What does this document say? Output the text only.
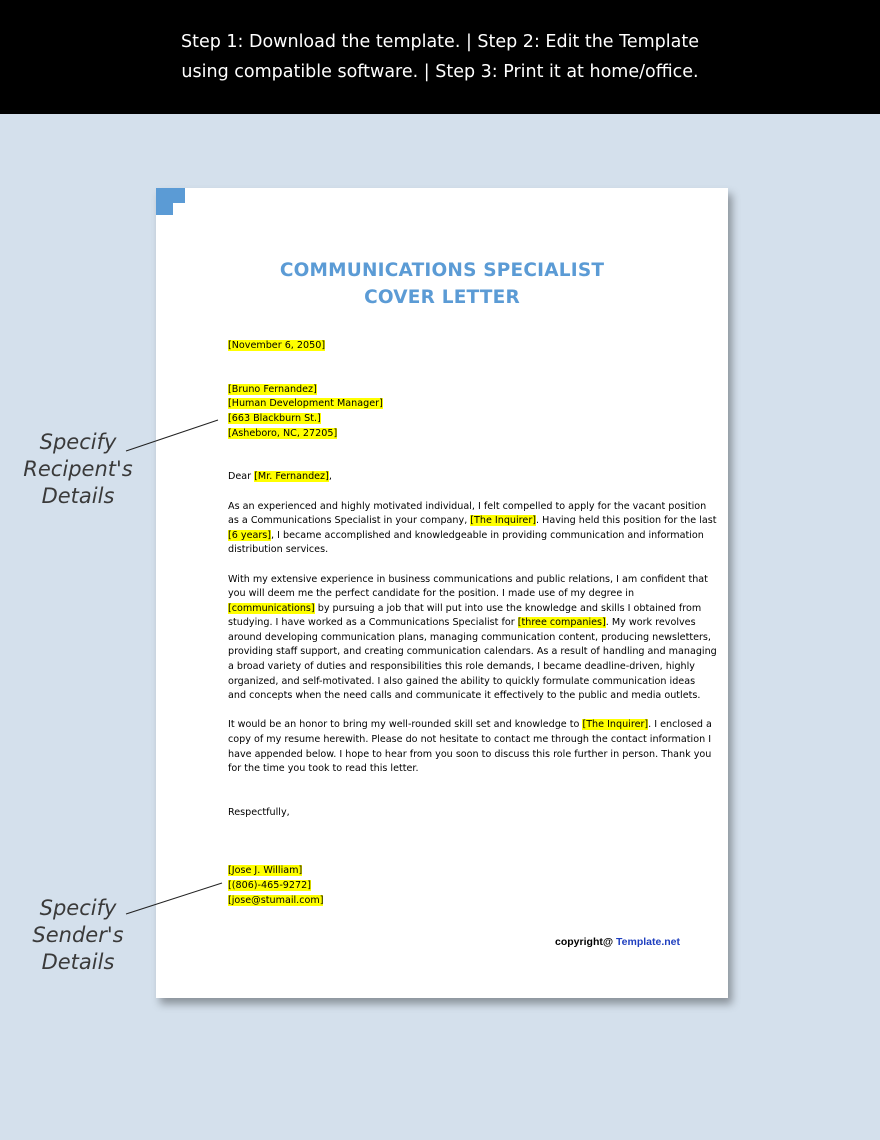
Step 1: Download the template. | Step 2: Edit the Template
using compatible software. | Step 3: Print it at home/office.
COMMUNICATIONS SPECIALIST
COVER LETTER
[November 6, 2050]
[Bruno Fernandez]
[Human Development Manager]
[663 Blackburn St.]
[Asheboro, NC, 27205]
Dear [Mr. Fernandez],
As an experienced and highly motivated individual, I felt compelled to apply for the vacant position
as a Communications Specialist in your company, [The Inquirer]. Having held this position for the last
[6 years], I became accomplished and knowledgeable in providing communication and information
distribution services.
With my extensive experience in business communications and public relations, I am confident that
you will deem me the perfect candidate for the position. I made use of my degree in
[communications] by pursuing a job that will put into use the knowledge and skills I obtained from
studying. I have worked as a Communications Specialist for [three companies]. My work revolves
around developing communication plans, managing communication content, producing newsletters,
providing staff support, and creating communication calendars. As a result of handling and managing
a broad variety of duties and responsibilities this role demands, I became deadline-driven, highly
organized, and self-motivated. I also gained the ability to quickly formulate communication ideas
and concepts when the need calls and communicate it effectively to the public and media outlets.
It would be an honor to bring my well-rounded skill set and knowledge to [The Inquirer]. I enclosed a
copy of my resume herewith. Please do not hesitate to contact me through the contact information I
have appended below. I hope to hear from you soon to discuss this role further in person. Thank you
for the time you took to read this letter.
Respectfully,
[Jose J. William]
[(806)-465-9272]
[jose@stumail.com]
copyright@ Template.net
Specify
Recipent's
Details
Specify
Sender's
Details
